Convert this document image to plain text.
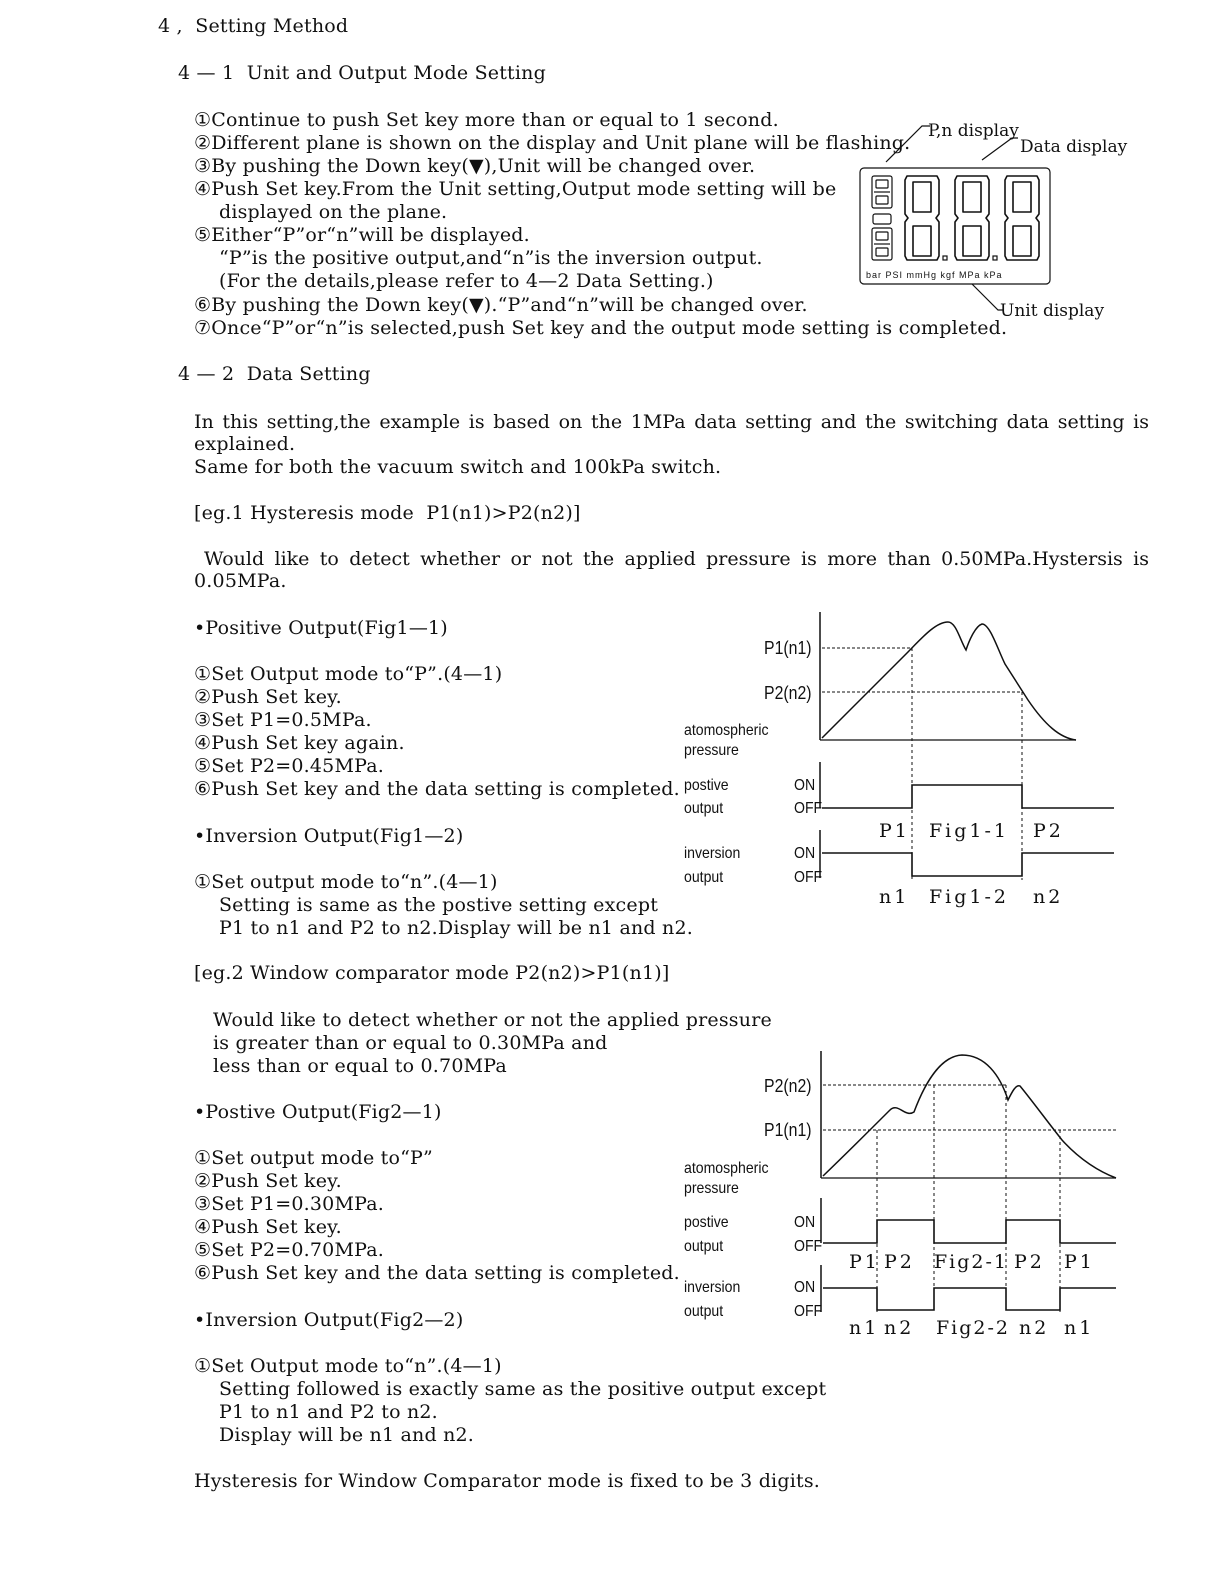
4 ,  Setting Method
4 — 1  Unit and Output Mode Setting
①Continue to push Set key more than or equal to 1 second.
②Different plane is shown on the display and Unit plane will be flashing.
③By pushing the Down key(▼),Unit will be changed over.
④Push Set key.From the Unit setting,Output mode setting will be
displayed on the plane.
⑤Either“P”or“n”will be displayed.
“P”is the positive output,and“n”is the inversion output.
(For the details,please refer to 4—2 Data Setting.)
⑥By pushing the Down key(▼).“P”and“n”will be changed over.
⑦Once“P”or“n”is selected,push Set key and the output mode setting is completed.
P,n display
Data display
Unit display
bar PSI mmHg kgf MPa kPa
4 — 2  Data Setting
In this setting,the example is based on the 1MPa data setting and the switching data setting is
explained.
Same for both the vacuum switch and 100kPa switch.
[eg.1 Hysteresis mode  P1(n1)>P2(n2)]
Would like to detect whether or not the applied pressure is more than 0.50MPa.Hystersis is
0.05MPa.
•Positive Output(Fig1—1)
①Set Output mode to“P”.(4—1)
②Push Set key.
③Set P1=0.5MPa.
④Push Set key again.
⑤Set P2=0.45MPa.
⑥Push Set key and the data setting is completed.
•Inversion Output(Fig1—2)
①Set output mode to“n”.(4—1)
Setting is same as the postive setting except
P1 to n1 and P2 to n2.Display will be n1 and n2.
P1(n1)
P2(n2)
atomospheric
pressure
postive
output
ON
OFF
inversion
output
ON
OFF
P1 Fig1-1 P2
n1 Fig1-2 n2
[eg.2 Window comparator mode P2(n2)>P1(n1)]
Would like to detect whether or not the applied pressure
is greater than or equal to 0.30MPa and
less than or equal to 0.70MPa
•Postive Output(Fig2—1)
①Set output mode to“P”
②Push Set key.
③Set P1=0.30MPa.
④Push Set key.
⑤Set P2=0.70MPa.
⑥Push Set key and the data setting is completed.
•Inversion Output(Fig2—2)
①Set Output mode to“n”.(4—1)
Setting followed is exactly same as the positive output except
P1 to n1 and P2 to n2.
Display will be n1 and n2.
P2(n2)
P1(n1)
atomospheric
pressure
postive
output
ON
OFF
inversion
output
ON
OFF
P1 P2 Fig2-1 P2 P1
n1 n2 Fig2-2 n2 n1
Hysteresis for Window Comparator mode is fixed to be 3 digits.
